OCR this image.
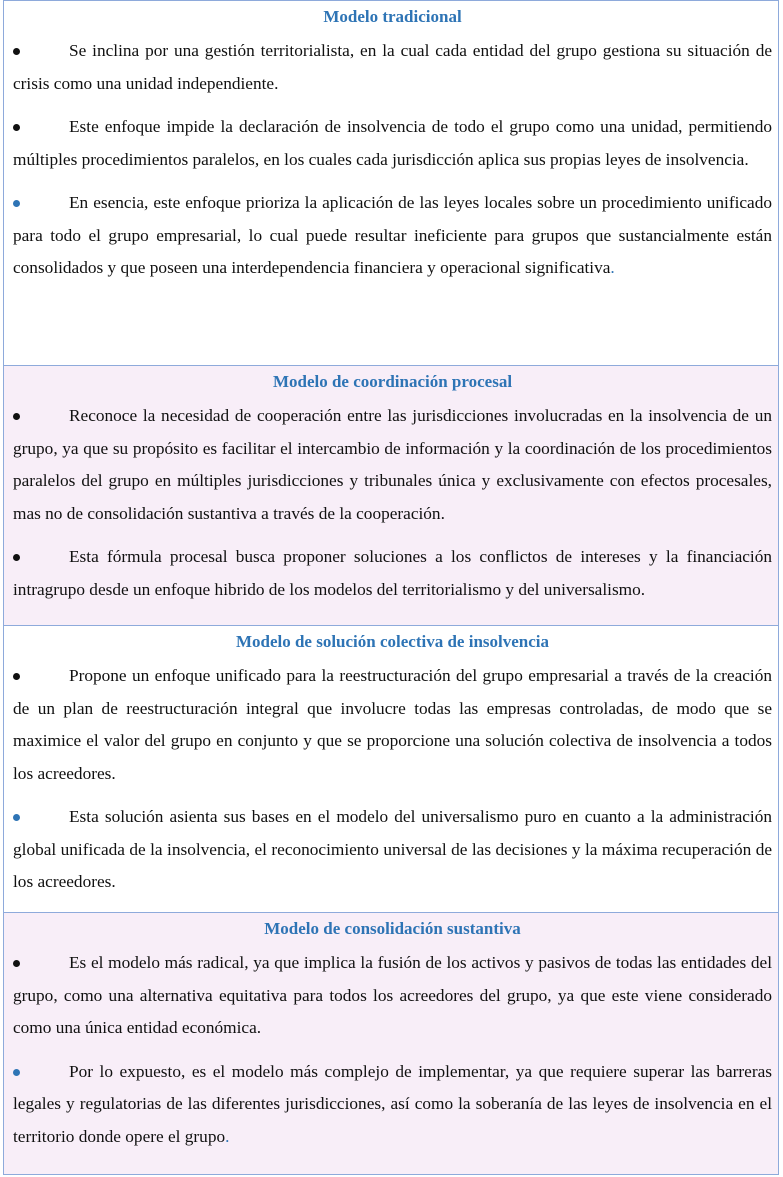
Modelo tradicional
Se inclina por una gestión territorialista, en la cual cada entidad del grupo gestiona su situación de crisis como una unidad independiente.
Este enfoque impide la declaración de insolvencia de todo el grupo como una unidad, permitiendo múltiples procedimientos paralelos, en los cuales cada jurisdicción aplica sus propias leyes de insolvencia.
En esencia, este enfoque prioriza la aplicación de las leyes locales sobre un procedimiento unificado para todo el grupo empresarial, lo cual puede resultar ineficiente para grupos que sustancialmente están consolidados y que poseen una interdependencia financiera y operacional significativa.
Modelo de coordinación procesal
Reconoce la necesidad de cooperación entre las jurisdicciones involucradas en la insolvencia de un grupo, ya que su propósito es facilitar el intercambio de información y la coordinación de los procedimientos paralelos del grupo en múltiples jurisdicciones y tribunales única y exclusivamente con efectos procesales, mas no de consolidación sustantiva a través de la cooperación.
Esta fórmula procesal busca proponer soluciones a los conflictos de intereses y la financiación intragrupo desde un enfoque hibrido de los modelos del territorialismo y del universalismo.
Modelo de solución colectiva de insolvencia
Propone un enfoque unificado para la reestructuración del grupo empresarial a través de la creación de un plan de reestructuración integral que involucre todas las empresas controladas, de modo que se maximice el valor del grupo en conjunto y que se proporcione una solución colectiva de insolvencia a todos los acreedores.
Esta solución asienta sus bases en el modelo del universalismo puro en cuanto a la administración global unificada de la insolvencia, el reconocimiento universal de las decisiones y la máxima recuperación de los acreedores.
Modelo de consolidación sustantiva
Es el modelo más radical, ya que implica la fusión de los activos y pasivos de todas las entidades del grupo, como una alternativa equitativa para todos los acreedores del grupo, ya que este viene considerado como una única entidad económica.
Por lo expuesto, es el modelo más complejo de implementar, ya que requiere superar las barreras legales y regulatorias de las diferentes jurisdicciones, así como la soberanía de las leyes de insolvencia en el territorio donde opere el grupo.
